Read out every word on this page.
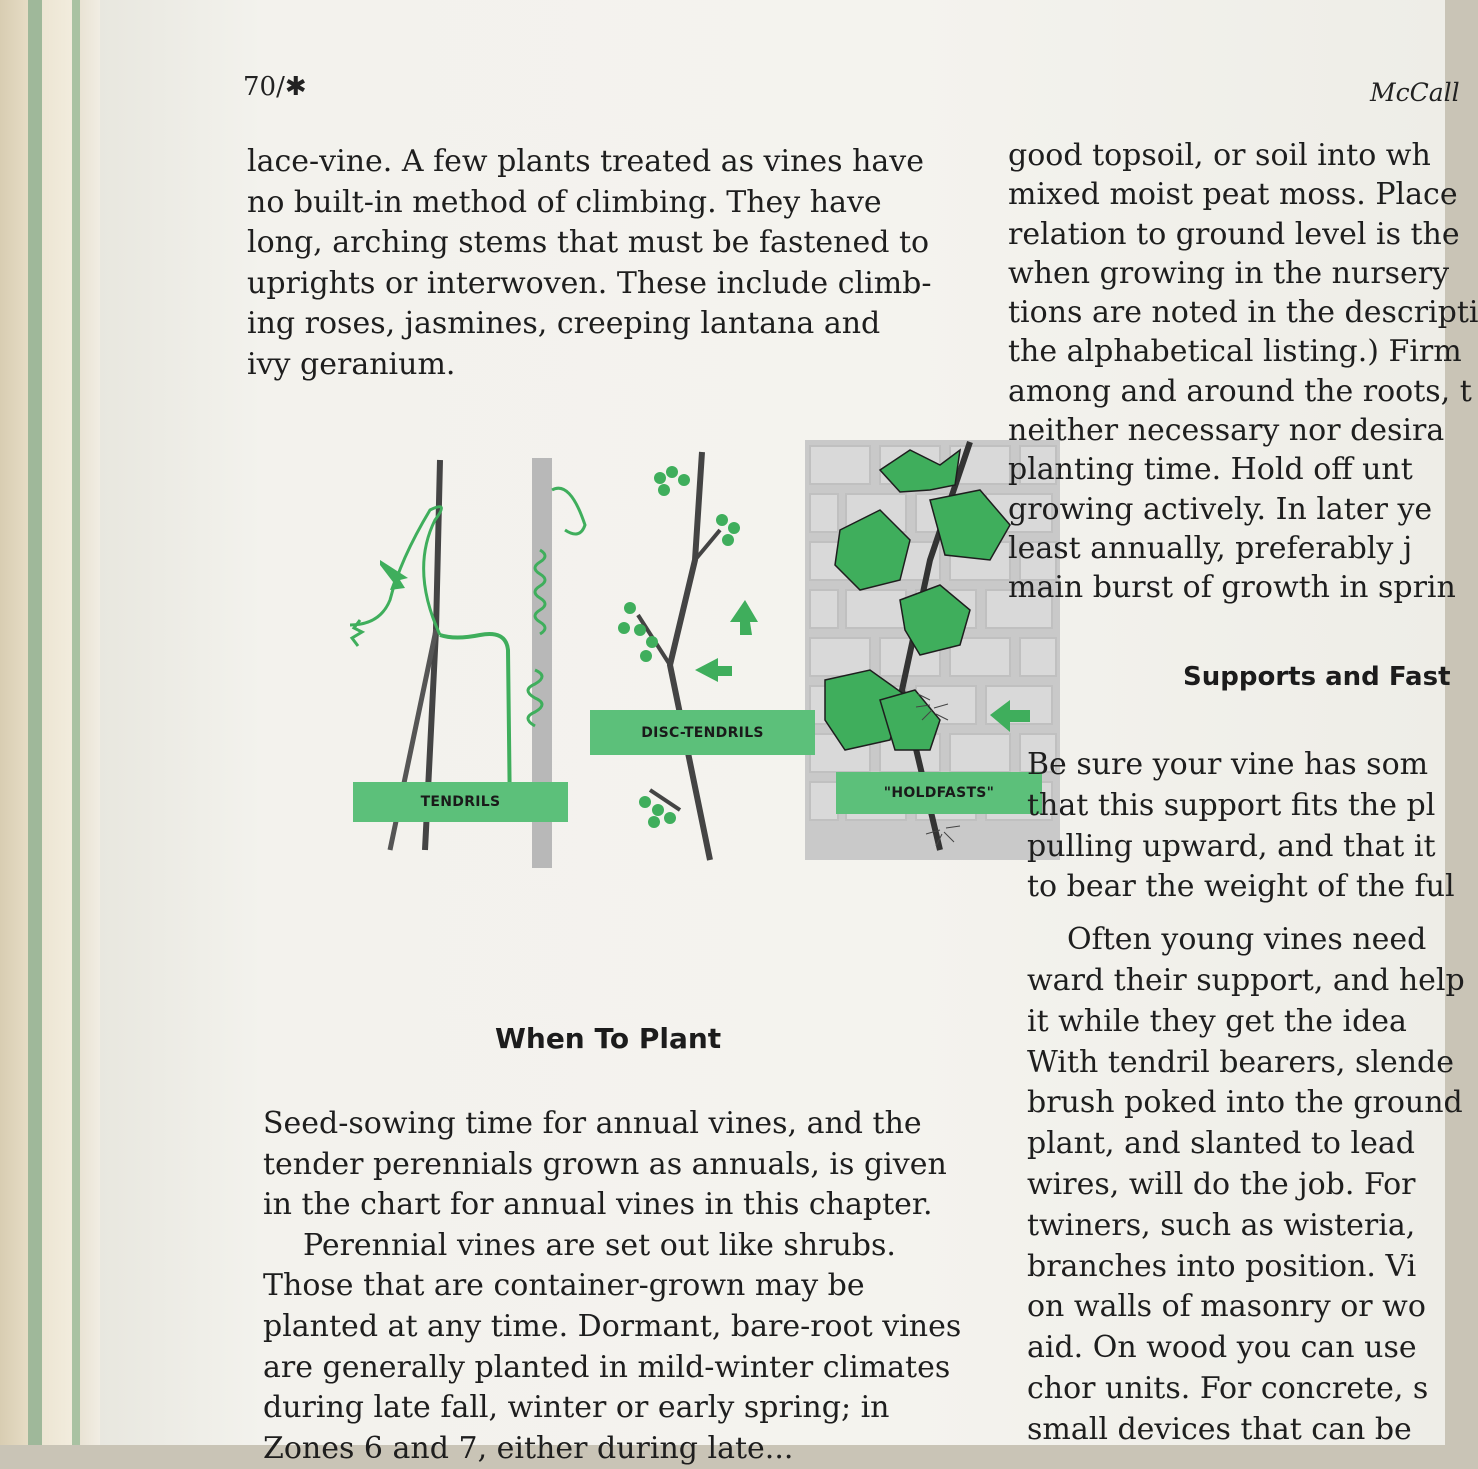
70/✱	McCall
lace-vine. A few plants treated as vines have
no built-in method of climbing. They have
long, arching stems that must be fastened to
uprights or interwoven. These include climb-
ing roses, jasmines, creeping lantana and
ivy geranium.
TENDRILS
DISC-TENDRILS
"HOLDFASTS"
When To Plant
Seed-sowing time for annual vines, and the
tender perennials grown as annuals, is given
in the chart for annual vines in this chapter.
Perennial vines are set out like shrubs.
Those that are container-grown may be
planted at any time. Dormant, bare-root vines
are generally planted in mild-winter climates
during late fall, winter or early spring; in
Zones 6 and 7, either during late...
good topsoil, or soil into wh
mixed moist peat moss. Place
relation to ground level is the
when growing in the nursery
tions are noted in the descripti
the alphabetical listing.) Firm
among and around the roots, t
neither necessary nor desira
planting time. Hold off unt
growing actively. In later ye
least annually, preferably j
main burst of growth in sprin
Supports and Fast
Be sure your vine has som
that this support fits the pl
pulling upward, and that it
to bear the weight of the ful
Often young vines need
ward their support, and help
it while they get the idea
With tendril bearers, slende
brush poked into the ground
plant, and slanted to lead
wires, will do the job. For
twiners, such as wisteria,
branches into position. Vi
on walls of masonry or wo
aid. On wood you can use
chor units. For concrete, s
small devices that can be
